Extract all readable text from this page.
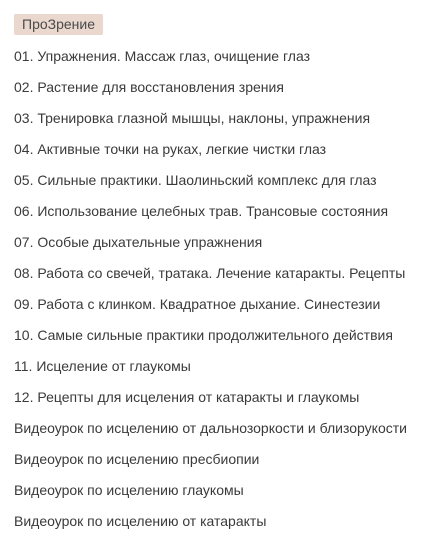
ПроЗрение
01. Упражнения. Массаж глаз, очищение глаз
02. Растение для восстановления зрения
03. Тренировка глазной мышцы, наклоны, упражнения
04. Активные точки на руках, легкие чистки глаз
05. Сильные практики. Шаолиньский комплекс для глаз
06. Использование целебных трав. Трансовые состояния
07. Особые дыхательные упражнения
08. Работа со свечей, тратака. Лечение катаракты. Рецепты
09. Работа с клинком. Квадратное дыхание. Синестезии
10. Самые сильные практики продолжительного действия
11. Исцеление от глаукомы
12. Рецепты для исцеления от катаракты и глаукомы
Видеоурок по исцелению от дальнозоркости и близорукости
Видеоурок по исцелению пресбиопии
Видеоурок по исцелению глаукомы
Видеоурок по исцелению от катаракты
